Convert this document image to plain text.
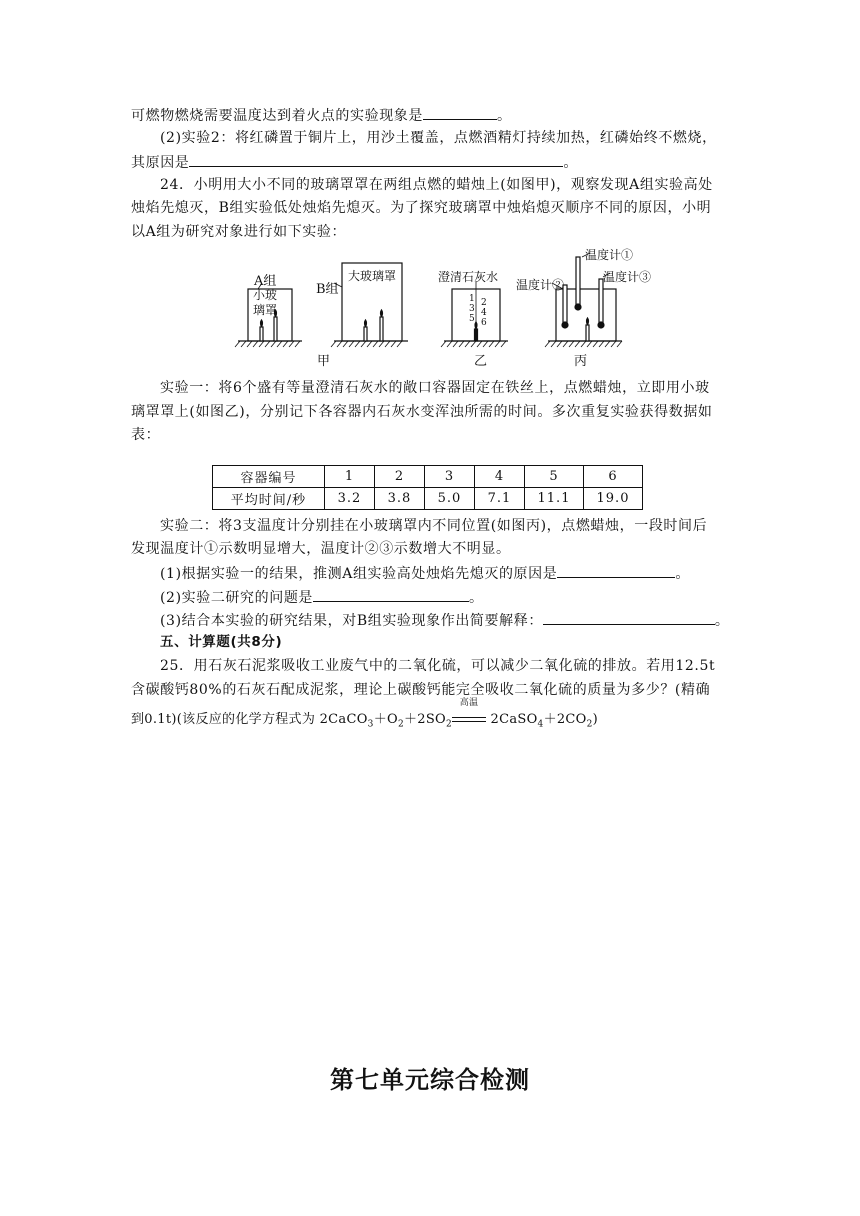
可燃物燃烧需要温度达到着火点的实验现象是	。
(2)实验2：将红磷置于铜片上，用沙土覆盖，点燃酒精灯持续加热，红磷始终不燃烧，
其原因是	。
24．小明用大小不同的玻璃罩罩在两组点燃的蜡烛上(如图甲)，观察发现A组实验高处
烛焰先熄灭，B组实验低处烛焰先熄灭。为了探究玻璃罩中烛焰熄灭顺序不同的原因，小明
以A组为研究对象进行如下实验：
A组
小玻
璃罩
B组
大玻璃罩	澄清石灰水
温度计①
温度计②
温度计③
1 2
3 4
5 6
甲	乙	丙
实验一：将6个盛有等量澄清石灰水的敞口容器固定在铁丝上，点燃蜡烛，立即用小玻
璃罩罩上(如图乙)，分别记下各容器内石灰水变浑浊所需的时间。多次重复实验获得数据如
表：
容器编号	1	2	3	4	5	6
平均时间/秒	3.2	3.8	5.0	7.1	11.1	19.0
实验二：将3支温度计分别挂在小玻璃罩内不同位置(如图丙)，点燃蜡烛，一段时间后
发现温度计①示数明显增大，温度计②③示数增大不明显。
(1)根据实验一的结果，推测A组实验高处烛焰先熄灭的原因是	。
(2)实验二研究的问题是	。
(3)结合本实验的研究结果，对B组实验现象作出简要解释：	。
五、计算题(共8分)
25．用石灰石泥浆吸收工业废气中的二氧化硫，可以减少二氧化硫的排放。若用12.5t
含碳酸钙80%的石灰石配成泥浆，理论上碳酸钙能完全吸收二氧化硫的质量为多少？(精确
到0.1t)(该反应的化学方程式为 $2CaCO_3+O_2+2SO_2$
高温
$2CaSO_4+2CO_2$)
第七单元综合检测
